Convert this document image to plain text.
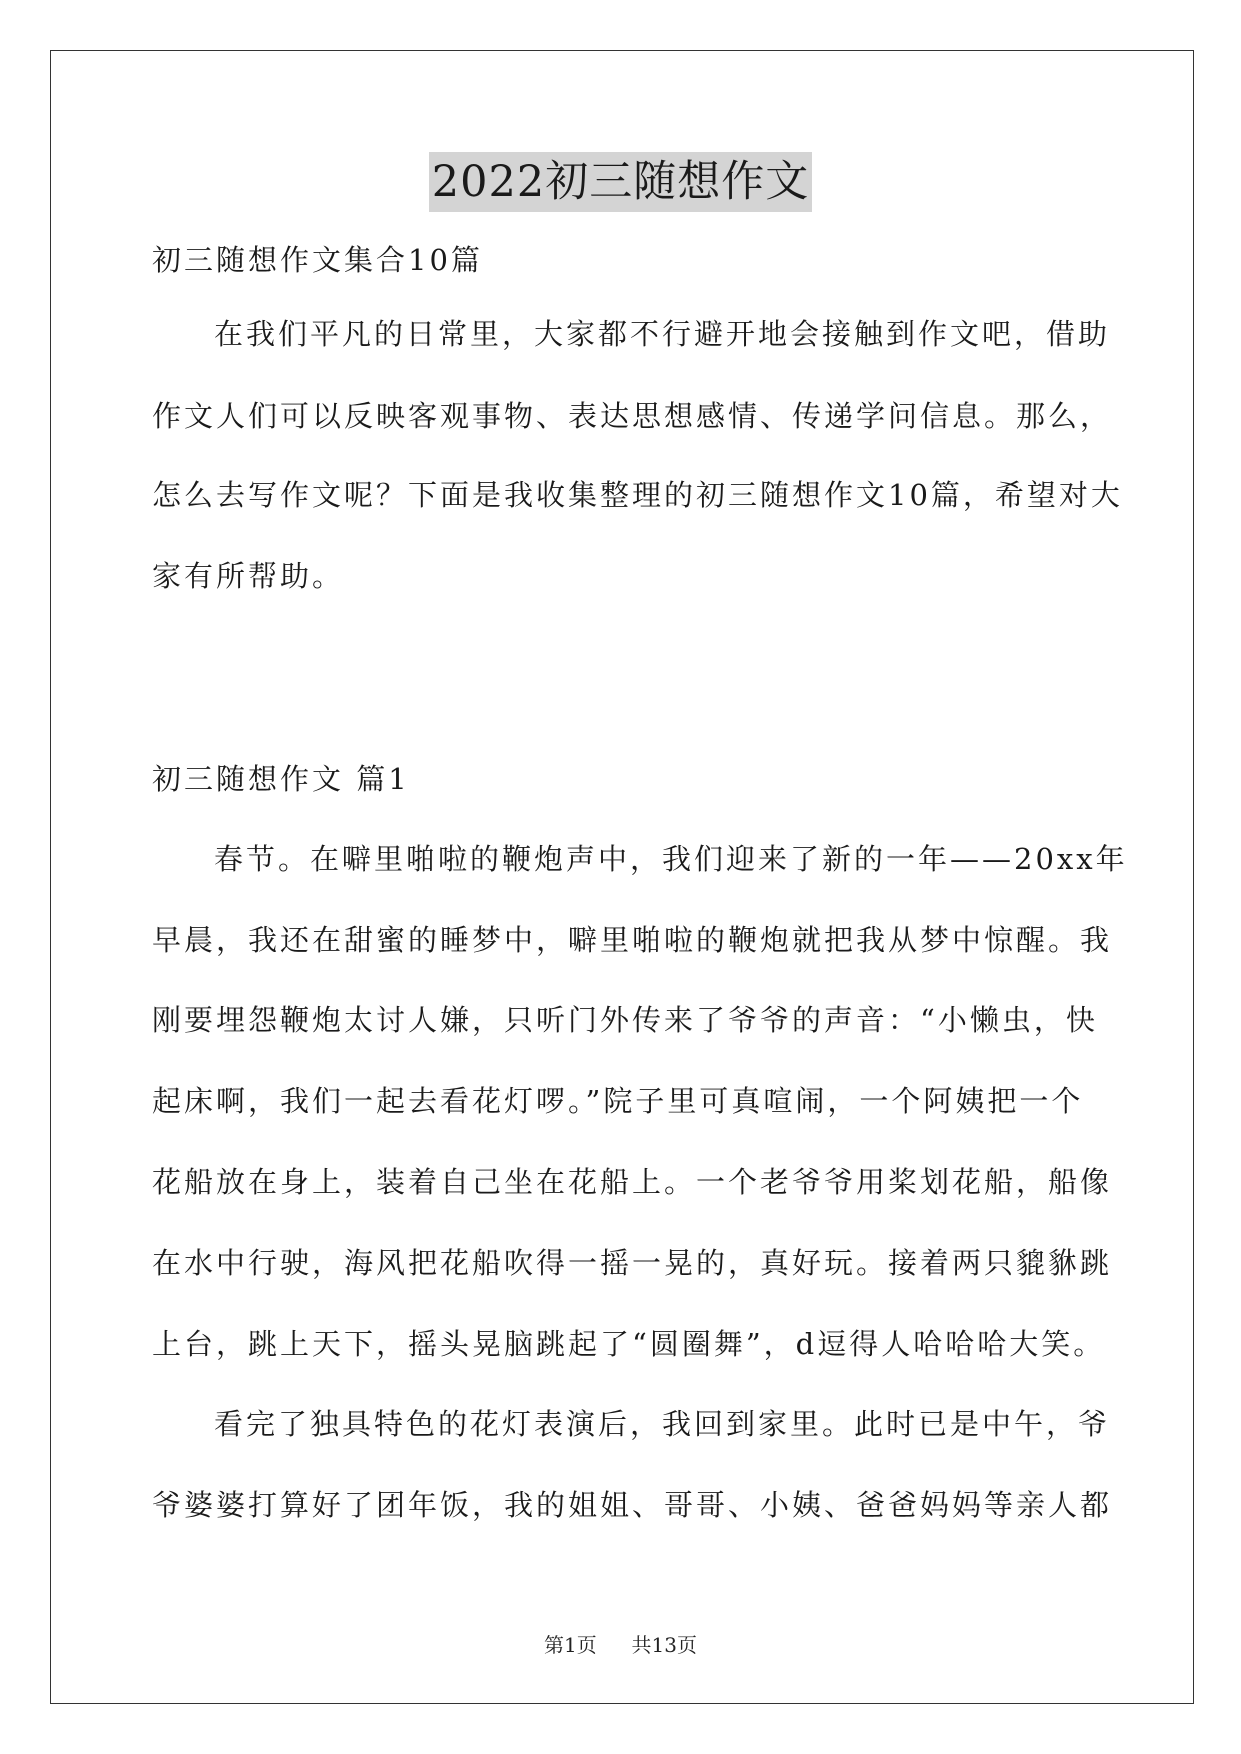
2022初三随想作文
初三随想作文集合10篇
在我们平凡的日常里，大家都不行避开地会接触到作文吧，借助
作文人们可以反映客观事物、表达思想感情、传递学问信息。那么，
怎么去写作文呢？下面是我收集整理的初三随想作文10篇，希望对大
家有所帮助。
初三随想作文 篇1
春节。在噼里啪啦的鞭炮声中，我们迎来了新的一年——20xx年
早晨，我还在甜蜜的睡梦中，噼里啪啦的鞭炮就把我从梦中惊醒。我
刚要埋怨鞭炮太讨人嫌，只听门外传来了爷爷的声音：“小懒虫，快
起床啊，我们一起去看花灯啰。”院子里可真喧闹，一个阿姨把一个
花船放在身上，装着自己坐在花船上。一个老爷爷用桨划花船，船像
在水中行驶，海风把花船吹得一摇一晃的，真好玩。接着两只貔貅跳
上台，跳上天下，摇头晃脑跳起了“圆圈舞”，d逗得人哈哈哈大笑。
看完了独具特色的花灯表演后，我回到家里。此时已是中午，爷
爷婆婆打算好了团年饭，我的姐姐、哥哥、小姨、爸爸妈妈等亲人都
第1页 共13页
